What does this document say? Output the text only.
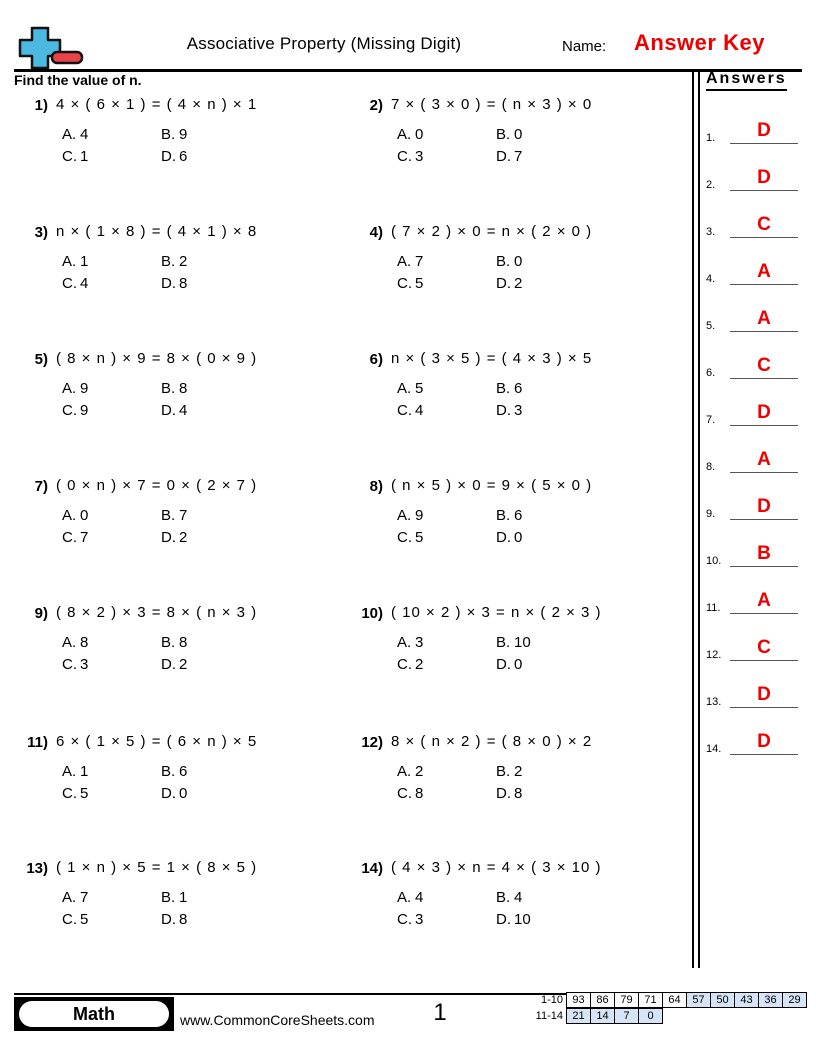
Associative Property (Missing Digit)	Name: Answer Key
Find the value of n.
1) 4 × ( 6 × 1 ) = ( 4 × n ) × 1
A. 4	B. 9
C. 1	D. 6
2) 7 × ( 3 × 0 ) = ( n × 3 ) × 0
A. 0	B. 0
C. 3	D. 7
3) n × ( 1 × 8 ) = ( 4 × 1 ) × 8
A. 1	B. 2
C. 4	D. 8
4) ( 7 × 2 ) × 0 = n × ( 2 × 0 )
A. 7	B. 0
C. 5	D. 2
5) ( 8 × n ) × 9 = 8 × ( 0 × 9 )
A. 9	B. 8
C. 9	D. 4
6) n × ( 3 × 5 ) = ( 4 × 3 ) × 5
A. 5	B. 6
C. 4	D. 3
7) ( 0 × n ) × 7 = 0 × ( 2 × 7 )
A. 0	B. 7
C. 7	D. 2
8) ( n × 5 ) × 0 = 9 × ( 5 × 0 )
A. 9	B. 6
C. 5	D. 0
9) ( 8 × 2 ) × 3 = 8 × ( n × 3 )
A. 8	B. 8
C. 3	D. 2
10) ( 10 × 2 ) × 3 = n × ( 2 × 3 )
A. 3	B. 10
C. 2	D. 0
11) 6 × ( 1 × 5 ) = ( 6 × n ) × 5
A. 1	B. 6
C. 5	D. 0
12) 8 × ( n × 2 ) = ( 8 × 0 ) × 2
A. 2	B. 2
C. 8	D. 8
13) ( 1 × n ) × 5 = 1 × ( 8 × 5 )
A. 7	B. 1
C. 5	D. 8
14) ( 4 × 3 ) × n = 4 × ( 3 × 10 )
A. 4	B. 4
C. 3	D. 10
Answers
1.	D
2.	D
3.	C
4.	A
5.	A
6.	C
7.	D
8.	A
9.	D
10.	B
11.	A
12.	C
13.	D
14.	D
Math	www.CommonCoreSheets.com	1	1-10 93	86	79	71	64	57	50	43	36	29
11-14 21	14	7	0
